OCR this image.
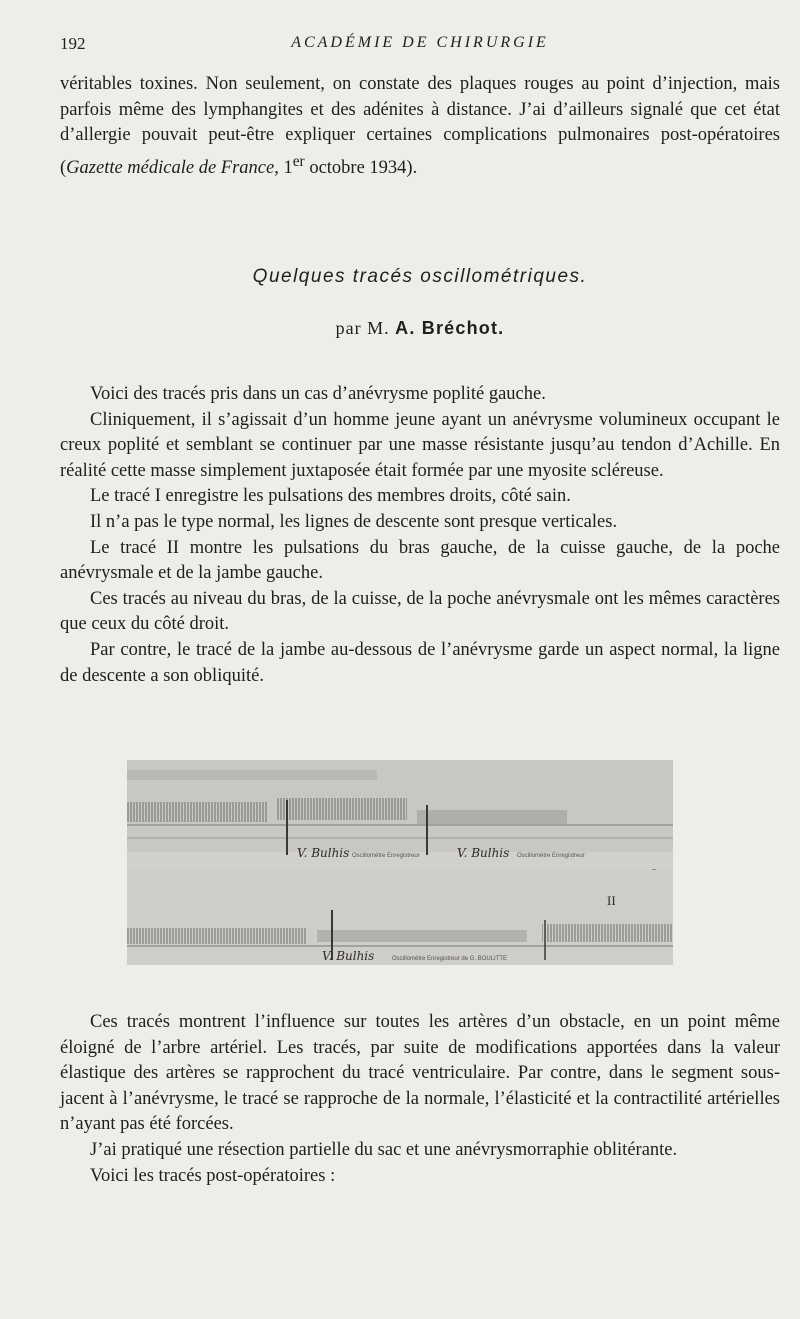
192	ACADÉMIE DE CHIRURGIE

véritables toxines. Non seulement, on constate des plaques rouges au point d’injection, mais parfois même des lymphangites et des adénites à distance. J’ai d’ailleurs signalé que cet état d’allergie pouvait peut-être expliquer certaines complications pulmonaires post-opératoires (Gazette médicale de France, 1er octobre 1934).

Quelques tracés oscillométriques.
par M. A. Bréchot.

Voici des tracés pris dans un cas d’anévrysme poplité gauche.

Cliniquement, il s’agissait d’un homme jeune ayant un anévrysme volumineux occupant le creux poplité et semblant se continuer par une masse résistante jusqu’au tendon d’Achille. En réalité cette masse simplement juxtaposée était formée par une myosite scléreuse.

Le tracé I enregistre les pulsations des membres droits, côté sain.

Il n’a pas le type normal, les lignes de descente sont presque verticales.

Le tracé II montre les pulsations du bras gauche, de la cuisse gauche, de la poche anévrysmale et de la jambe gauche.

Ces tracés au niveau du bras, de la cuisse, de la poche anévrysmale ont les mêmes caractères que ceux du côté droit.

Par contre, le tracé de la jambe au-dessous de l’anévrysme garde un aspect normal, la ligne de descente a son obliquité.

V. Bulhis	V. Bulhis
Oscillomètre Enregistreur	Oscillomètre Enregistreur
II
V. Bulhis	Oscillomètre Enregistreur de G. BOULITTE

Ces tracés montrent l’influence sur toutes les artères d’un obstacle, en un point même éloigné de l’arbre artériel. Les tracés, par suite de modifications apportées dans la valeur élastique des artères se rapprochent du tracé ventriculaire. Par contre, dans le segment sous-jacent à l’anévrysme, le tracé se rapproche de la normale, l’élasticité et la contractilité artérielles n’ayant pas été forcées.

J’ai pratiqué une résection partielle du sac et une anévrysmorraphie oblitérante.

Voici les tracés post-opératoires :
